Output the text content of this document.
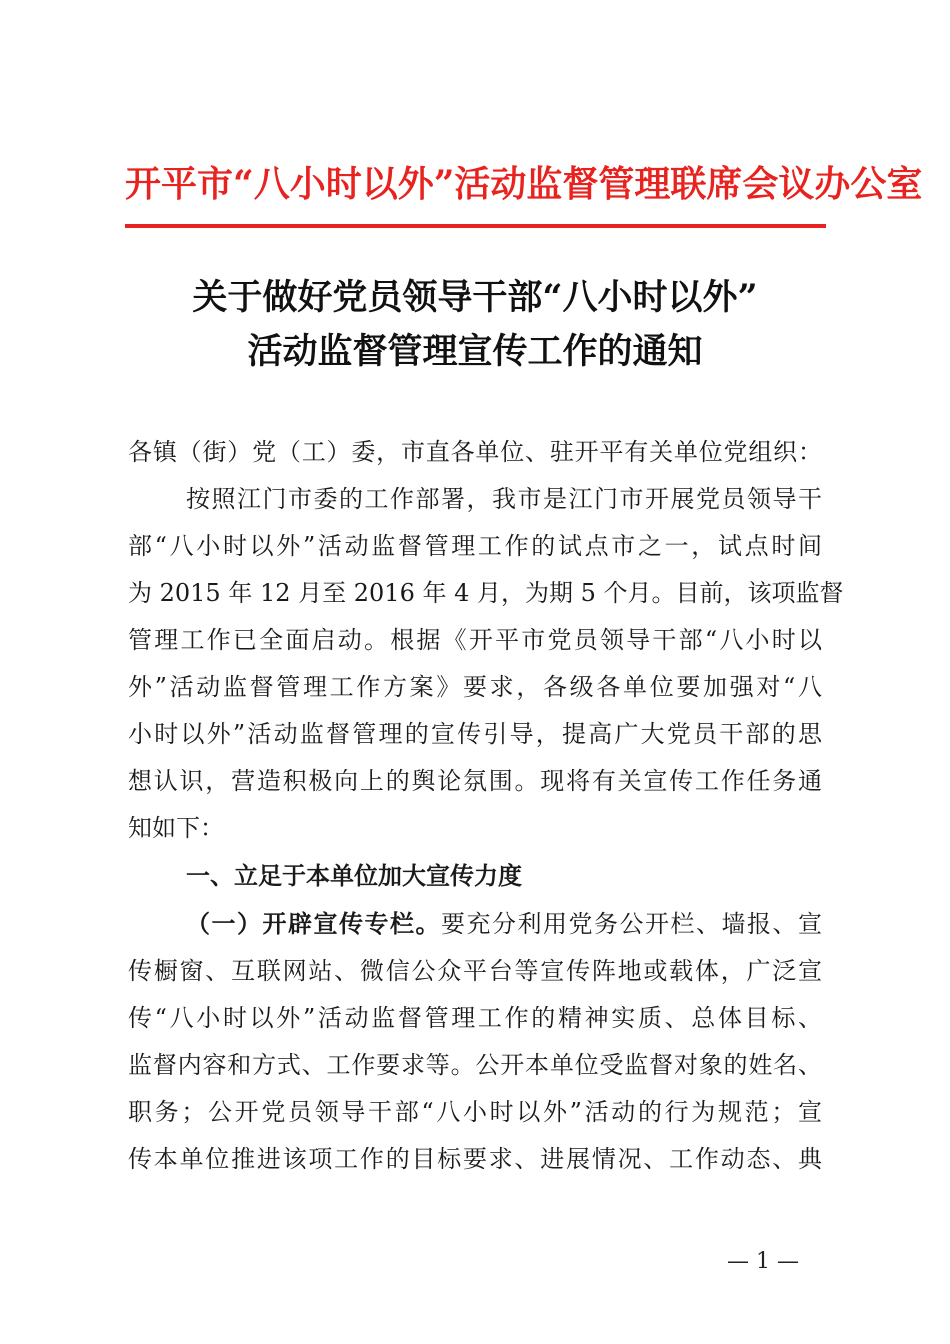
开平市“八小时以外”活动监督管理联席会议办公室
关于做好党员领导干部“八小时以外”
活动监督管理宣传工作的通知
各镇（街）党（工）委，市直各单位、驻开平有关单位党组织：
按照江门市委的工作部署，我市是江门市开展党员领导干
部“八小时以外”活动监督管理工作的试点市之一，试点时间
为 2015 年 12 月至 2016 年 4 月，为期 5 个月。目前，该项监督
管理工作已全面启动。根据《开平市党员领导干部“八小时以
外”活动监督管理工作方案》要求，各级各单位要加强对“八
小时以外”活动监督管理的宣传引导，提高广大党员干部的思
想认识，营造积极向上的舆论氛围。现将有关宣传工作任务通
知如下：
一、立足于本单位加大宣传力度
（一）开辟宣传专栏。要充分利用党务公开栏、墙报、宣
传橱窗、互联网站、微信公众平台等宣传阵地或载体，广泛宣
传“八小时以外”活动监督管理工作的精神实质、总体目标、
监督内容和方式、工作要求等。公开本单位受监督对象的姓名、
职务；公开党员领导干部“八小时以外”活动的行为规范；宣
传本单位推进该项工作的目标要求、进展情况、工作动态、典
— 1 —
